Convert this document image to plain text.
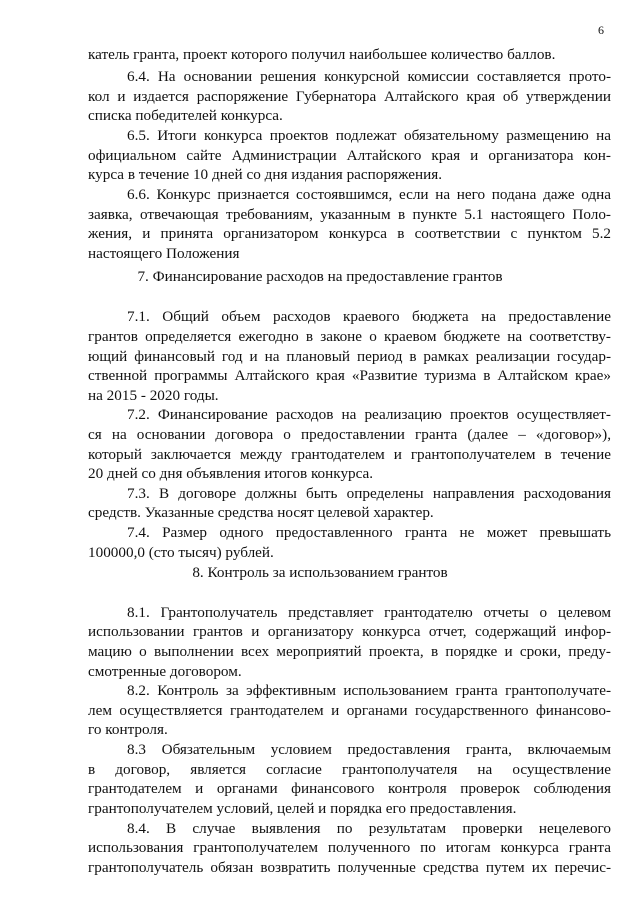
6
катель гранта, проект которого получил наибольшее количество баллов.
6.4. На основании решения конкурсной комиссии составляется прото-
кол и издается распоряжение Губернатора Алтайского края об утверждении
списка победителей конкурса.
6.5. Итоги конкурса проектов подлежат обязательному размещению на
официальном сайте Администрации Алтайского края и организатора кон-
курса в течение 10 дней со дня издания распоряжения.
6.6. Конкурс признается состоявшимся, если на него подана даже одна
заявка, отвечающая требованиям, указанным в пункте 5.1 настоящего Поло-
жения, и принята организатором конкурса в соответствии с пунктом 5.2
настоящего Положения
7. Финансирование расходов на предоставление грантов
7.1. Общий объем расходов краевого бюджета на предоставление
грантов определяется ежегодно в законе о краевом бюджете на соответству-
ющий финансовый год и на плановый период в рамках реализации государ-
ственной программы Алтайского края «Развитие туризма в Алтайском крае»
на 2015 - 2020 годы.
7.2. Финансирование расходов на реализацию проектов осуществляет-
ся на основании договора о предоставлении гранта (далее – «договор»),
который заключается между грантодателем и грантополучателем в течение
20 дней со дня объявления итогов конкурса.
7.3. В договоре должны быть определены направления расходования
средств. Указанные средства носят целевой характер.
7.4. Размер одного предоставленного гранта не может превышать
100000,0 (сто тысяч) рублей.
8. Контроль за использованием грантов
8.1. Грантополучатель представляет грантодателю отчеты о целевом
использовании грантов и организатору конкурса отчет, содержащий инфор-
мацию о выполнении всех мероприятий проекта, в порядке и сроки, преду-
смотренные договором.
8.2. Контроль за эффективным использованием гранта грантополучате-
лем осуществляется грантодателем и органами государственного финансово-
го контроля.
8.3 Обязательным условием предоставления гранта, включаемым
в договор, является согласие грантополучателя на осуществление
грантодателем и органами финансового контроля проверок соблюдения
грантополучателем условий, целей и порядка его предоставления.
8.4. В случае выявления по результатам проверки нецелевого
использования грантополучателем полученного по итогам конкурса гранта
грантополучатель обязан возвратить полученные средства путем их перечис-
